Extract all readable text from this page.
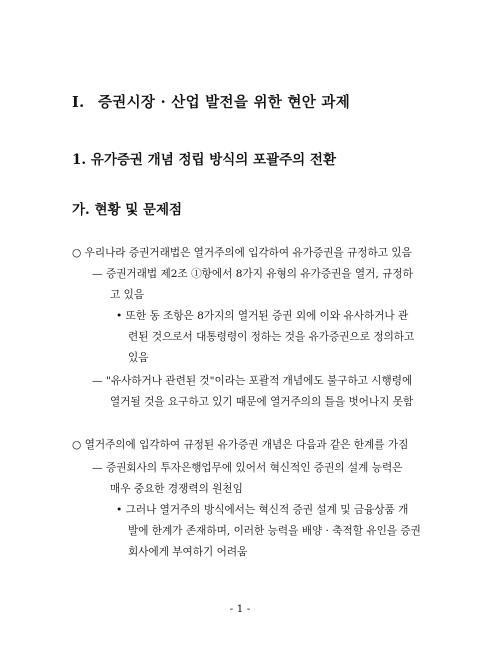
I. 증권시장 · 산업 발전을 위한 현안 과제
1. 유가증권 개념 정립 방식의 포괄주의 전환
가. 현황 및 문제점
○ 우리나라 증권거래법은 열거주의에 입각하여 유가증권을 규정하고 있음
— 증권거래법 제2조 ①항에서 8가지 유형의 유가증권을 열거, 규정하
고 있음
• 또한 동 조항은 8가지의 열거된 증권 외에 이와 유사하거나 관
련된 것으로서 대통령령이 정하는 것을 유가증권으로 정의하고
있음
— "유사하거나 관련된 것"이라는 포괄적 개념에도 불구하고 시행령에
열거될 것을 요구하고 있기 때문에 열거주의의 틀을 벗어나지 못함
○ 열거주의에 입각하여 규정된 유가증권 개념은 다음과 같은 한계를 가짐
— 증권회사의 투자은행업무에 있어서 혁신적인 증권의 설계 능력은
매우 중요한 경쟁력의 원천임
• 그러나 열거주의 방식에서는 혁신적 증권 설계 및 금융상품 개
발에 한계가 존재하며, 이러한 능력을 배양 · 축적할 유인을 증권
회사에게 부여하기 어려움
- 1 -
